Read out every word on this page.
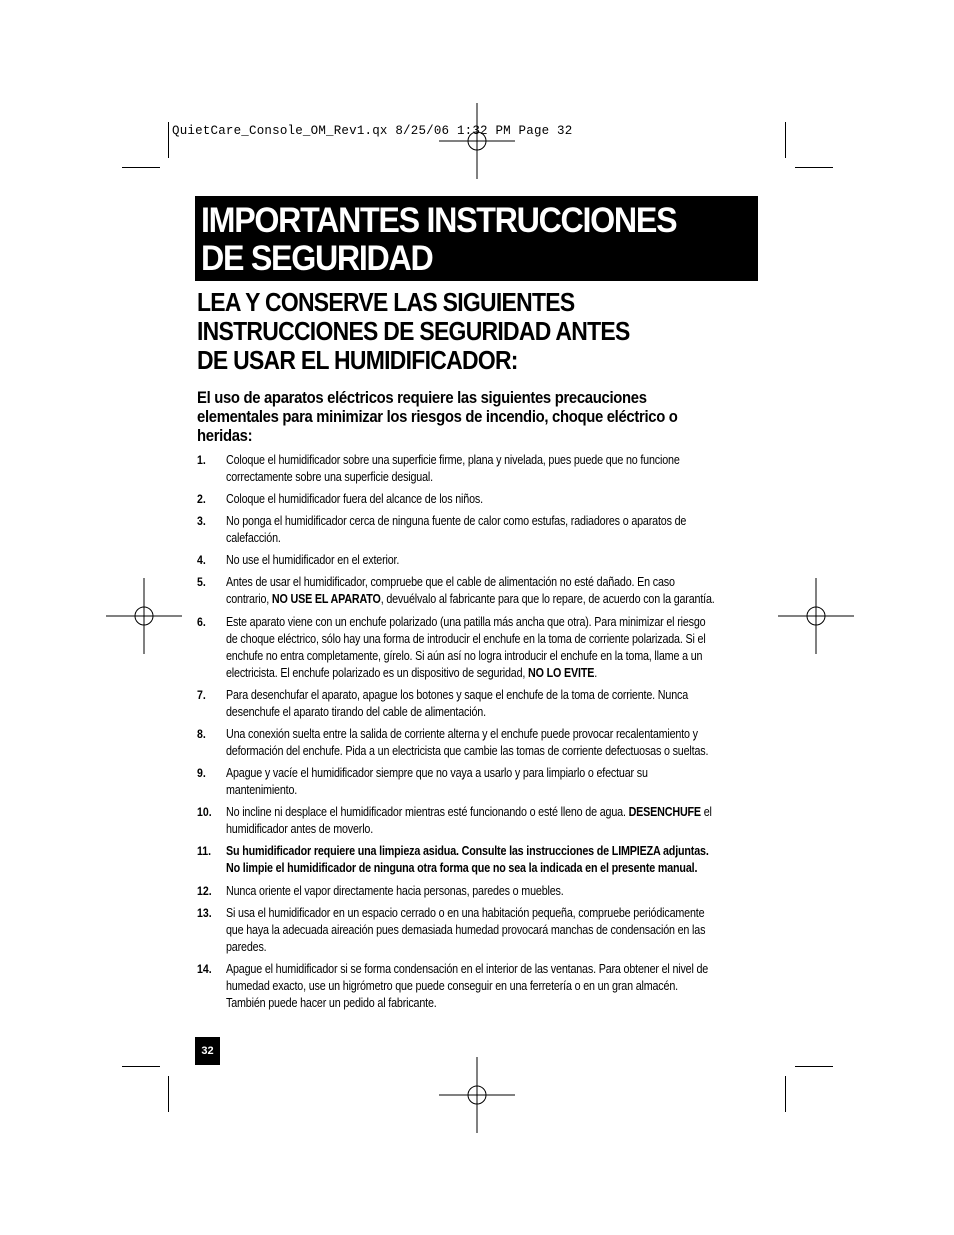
QuietCare_Console_OM_Rev1.qx 8/25/06 1:32 PM Page 32
IMPORTANTES INSTRUCCIONES
DE SEGURIDAD
LEA Y CONSERVE LAS SIGUIENTES
INSTRUCCIONES DE SEGURIDAD ANTES
DE USAR EL HUMIDIFICADOR:
El uso de aparatos eléctricos requiere las siguientes precauciones
elementales para minimizar los riesgos de incendio, choque eléctrico o
heridas:
1. Coloque el humidificador sobre una superficie firme, plana y nivelada, pues puede que no funcione
correctamente sobre una superficie desigual.
2. Coloque el humidificador fuera del alcance de los niños.
3. No ponga el humidificador cerca de ninguna fuente de calor como estufas, radiadores o aparatos de
calefacción.
4. No use el humidificador en el exterior.
5. Antes de usar el humidificador, compruebe que el cable de alimentación no esté dañado. En caso
contrario, NO USE EL APARATO, devuélvalo al fabricante para que lo repare, de acuerdo con la garantía.
6. Este aparato viene con un enchufe polarizado (una patilla más ancha que otra). Para minimizar el riesgo
de choque eléctrico, sólo hay una forma de introducir el enchufe en la toma de corriente polarizada. Si el
enchufe no entra completamente, gírelo. Si aún así no logra introducir el enchufe en la toma, llame a un
electricista. El enchufe polarizado es un dispositivo de seguridad, NO LO EVITE.
7. Para desenchufar el aparato, apague los botones y saque el enchufe de la toma de corriente. Nunca
desenchufe el aparato tirando del cable de alimentación.
8. Una conexión suelta entre la salida de corriente alterna y el enchufe puede provocar recalentamiento y
deformación del enchufe. Pida a un electricista que cambie las tomas de corriente defectuosas o sueltas.
9. Apague y vacíe el humidificador siempre que no vaya a usarlo y para limpiarlo o efectuar su
mantenimiento.
10. No incline ni desplace el humidificador mientras esté funcionando o esté lleno de agua. DESENCHUFE el
humidificador antes de moverlo.
11. Su humidificador requiere una limpieza asidua. Consulte las instrucciones de LIMPIEZA adjuntas.
No limpie el humidificador de ninguna otra forma que no sea la indicada en el presente manual.
12. Nunca oriente el vapor directamente hacia personas, paredes o muebles.
13. Si usa el humidificador en un espacio cerrado o en una habitación pequeña, compruebe periódicamente
que haya la adecuada aireación pues demasiada humedad provocará manchas de condensación en las
paredes.
14. Apague el humidificador si se forma condensación en el interior de las ventanas. Para obtener el nivel de
humedad exacto, use un higrómetro que puede conseguir en una ferretería o en un gran almacén.
También puede hacer un pedido al fabricante.
32
